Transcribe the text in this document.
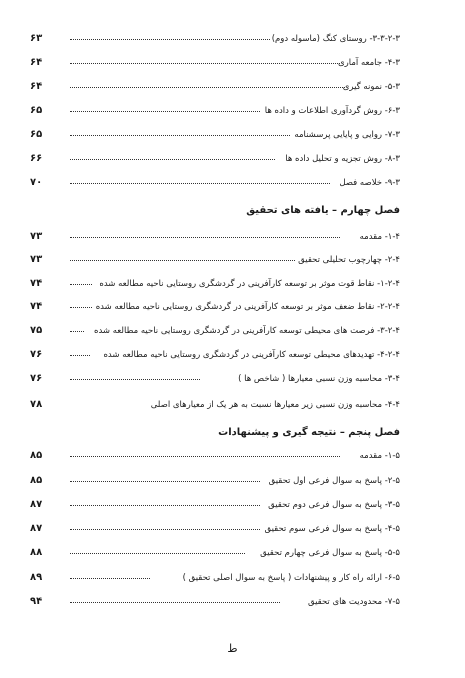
۶۳	۳-۳-۲-۳- روستای کنگ (ماسوله دوم)
۶۴	۴-۳- جامعه آماری
۶۴	۵-۳- نمونه گیری
۶۵	۶-۳- روش گردآوری اطلاعات و داده ها
۶۵	۷-۳- روایی و پایایی پرسشنامه
۶۶	۸-۳- روش تجزیه و تحلیل داده ها
۷۰	۹-۳- خلاصه فصل
فصل چهارم – یافته های تحقیق
۷۳	۱-۴- مقدمه
۷۳	۲-۴- چهارچوب تحلیلی تحقیق
۷۴	۱-۲-۴- نقاط قوت موثر بر توسعه کارآفرینی در گردشگری روستایی ناحیه مطالعه شده
۷۴	۲-۲-۴- نقاط ضعف موثر بر توسعه کارآفرینی در گردشگری روستایی ناحیه مطالعه شده
۷۵	۳-۲-۴- فرصت های محیطی توسعه کارآفرینی در گردشگری روستایی ناحیه مطالعه شده
۷۶	۴-۲-۴- تهدیدهای محیطی توسعه کارآفرینی در گردشگری روستایی ناحیه مطالعه شده
۷۶	۳-۴- محاسبه وزن نسبی معیارها ( شاخص ها )
۷۸	۴-۴- محاسبه وزن نسبی زیر معیارها نسبت به هر یک از معیارهای اصلی
فصل پنجم – نتیجه گیری و پیشنهادات
۸۵	۱-۵- مقدمه
۸۵	۲-۵- پاسخ به سوال فرعی اول تحقیق
۸۷	۳-۵- پاسخ به سوال فرعی دوم تحقیق
۸۷	۴-۵- پاسخ به سوال فرعی سوم تحقیق
۸۸	۵-۵- پاسخ به سوال فرعی چهارم تحقیق
۸۹	۶-۵- ارائه راه کار و پیشنهادات ( پاسخ به سوال اصلی تحقیق )
۹۴	۷-۵- محدودیت های تحقیق
ط
